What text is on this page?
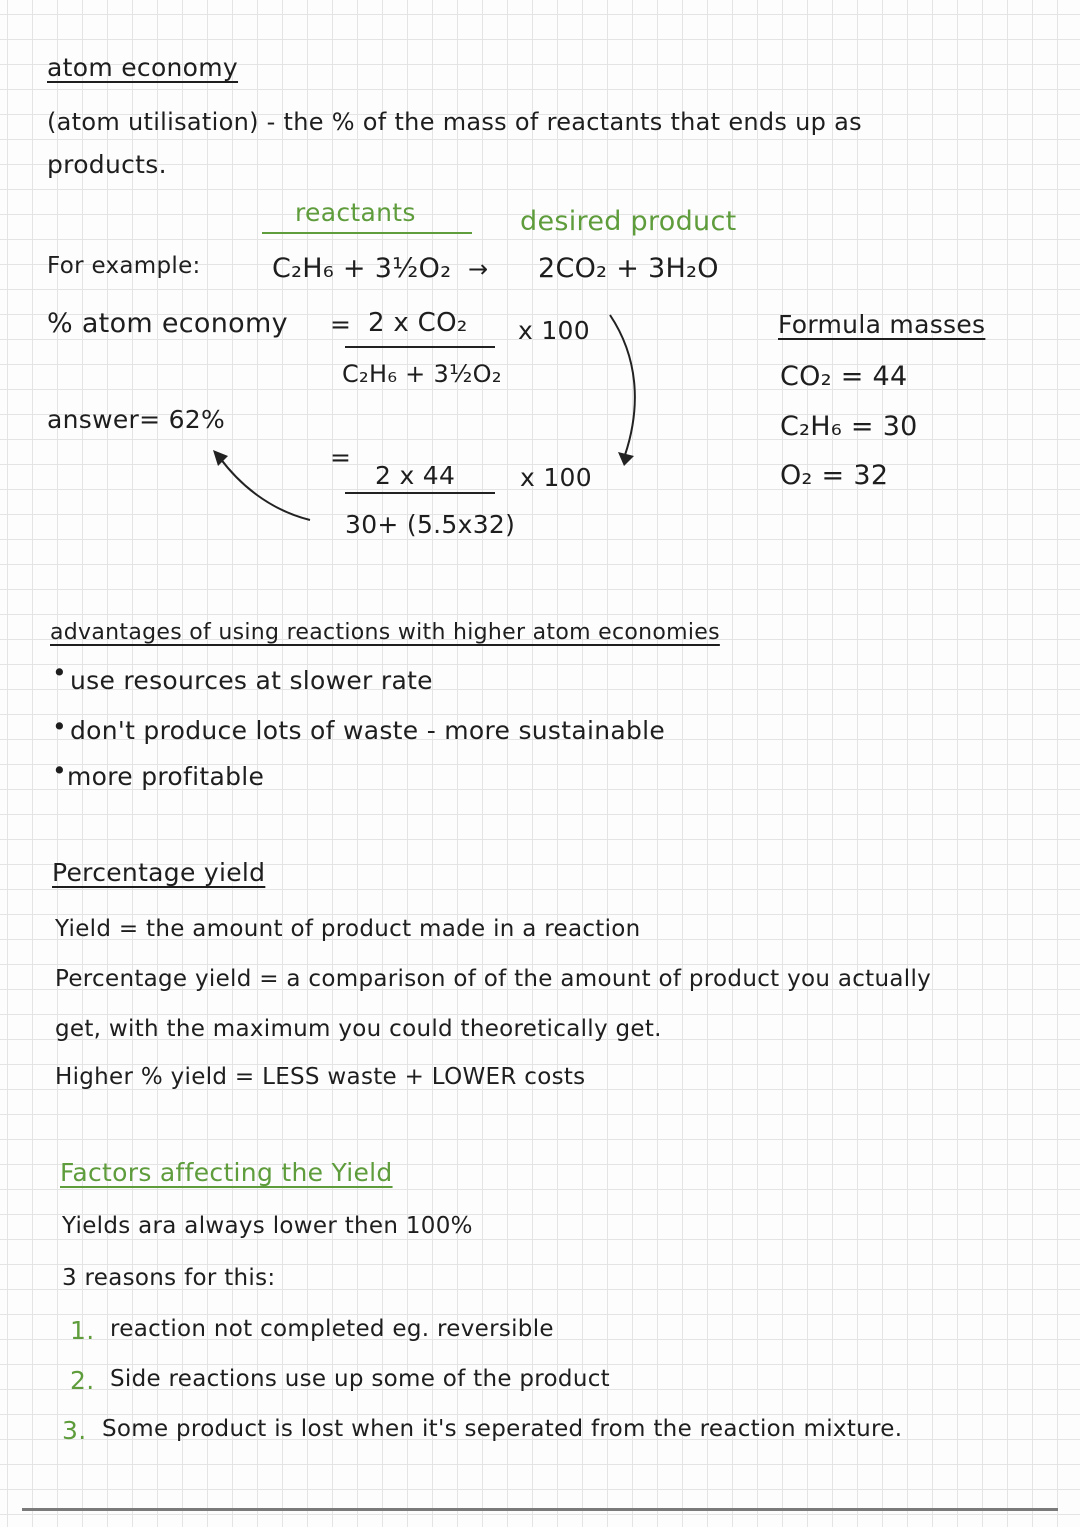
atom economy
(atom utilisation) - the % of the mass of reactants that ends up as
products.
reactants	desired product
For example:	C₂H₆ + 3½O₂ → 2CO₂ + 3H₂O
% atom economy = 2 x CO₂
C₂H₆ + 3½O₂
x 100
answer= 62%
=
2 x 44
30+ (5.5x32)
x 100
Formula masses
CO₂ = 44
C₂H₆ = 30
O₂ = 32
advantages of using reactions with higher atom economies
• use resources at slower rate
• don't produce lots of waste - more sustainable
• more profitable
Percentage yield
Yield = the amount of product made in a reaction
Percentage yield = a comparison of of the amount of product you actually
get, with the maximum you could theoretically get.
Higher % yield = LESS waste + LOWER costs
Factors affecting the Yield
Yields ara always lower then 100%
3 reasons for this:
1. reaction not completed eg. reversible
2. Side reactions use up some of the product
3. Some product is lost when it's seperated from the reaction mixture.
